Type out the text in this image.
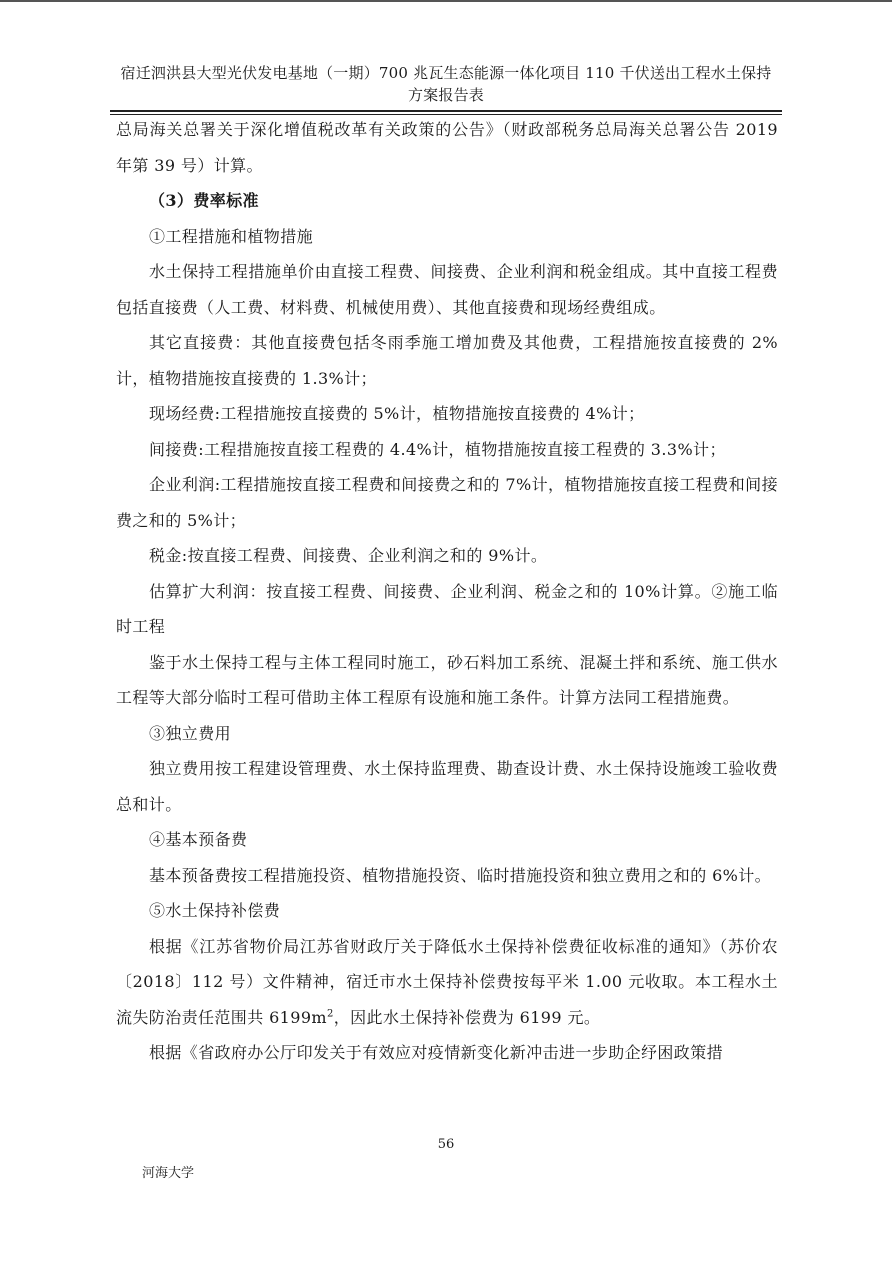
宿迁泗洪县大型光伏发电基地（一期）700 兆瓦生态能源一体化项目 110 千伏送出工程水土保持
方案报告表

总局海关总署关于深化增值税改革有关政策的公告》（财政部税务总局海关总署公告 2019 年第 39 号）计算。

（3）费率标准

①工程措施和植物措施

水土保持工程措施单价由直接工程费、间接费、企业利润和税金组成。其中直接工程费包括直接费（人工费、材料费、机械使用费）、其他直接费和现场经费组成。

其它直接费：其他直接费包括冬雨季施工增加费及其他费，工程措施按直接费的 2%计，植物措施按直接费的 1.3%计；

现场经费:工程措施按直接费的 5%计，植物措施按直接费的 4%计；

间接费:工程措施按直接工程费的 4.4%计，植物措施按直接工程费的 3.3%计；

企业利润:工程措施按直接工程费和间接费之和的 7%计，植物措施按直接工程费和间接费之和的 5%计；

税金:按直接工程费、间接费、企业利润之和的 9%计。

估算扩大利润：按直接工程费、间接费、企业利润、税金之和的 10%计算。②施工临时工程

鉴于水土保持工程与主体工程同时施工，砂石料加工系统、混凝土拌和系统、施工供水工程等大部分临时工程可借助主体工程原有设施和施工条件。计算方法同工程措施费。

③独立费用

独立费用按工程建设管理费、水土保持监理费、勘查设计费、水土保持设施竣工验收费总和计。

④基本预备费

基本预备费按工程措施投资、植物措施投资、临时措施投资和独立费用之和的 6%计。

⑤水土保持补偿费

根据《江苏省物价局江苏省财政厅关于降低水土保持补偿费征收标准的通知》（苏价农〔2018〕112 号）文件精神，宿迁市水土保持补偿费按每平米 1.00 元收取。本工程水土流失防治责任范围共 $6199m^2$，因此水土保持补偿费为 6199 元。

根据《省政府办公厅印发关于有效应对疫情新变化新冲击进一步助企纾困政策措

56
河海大学
